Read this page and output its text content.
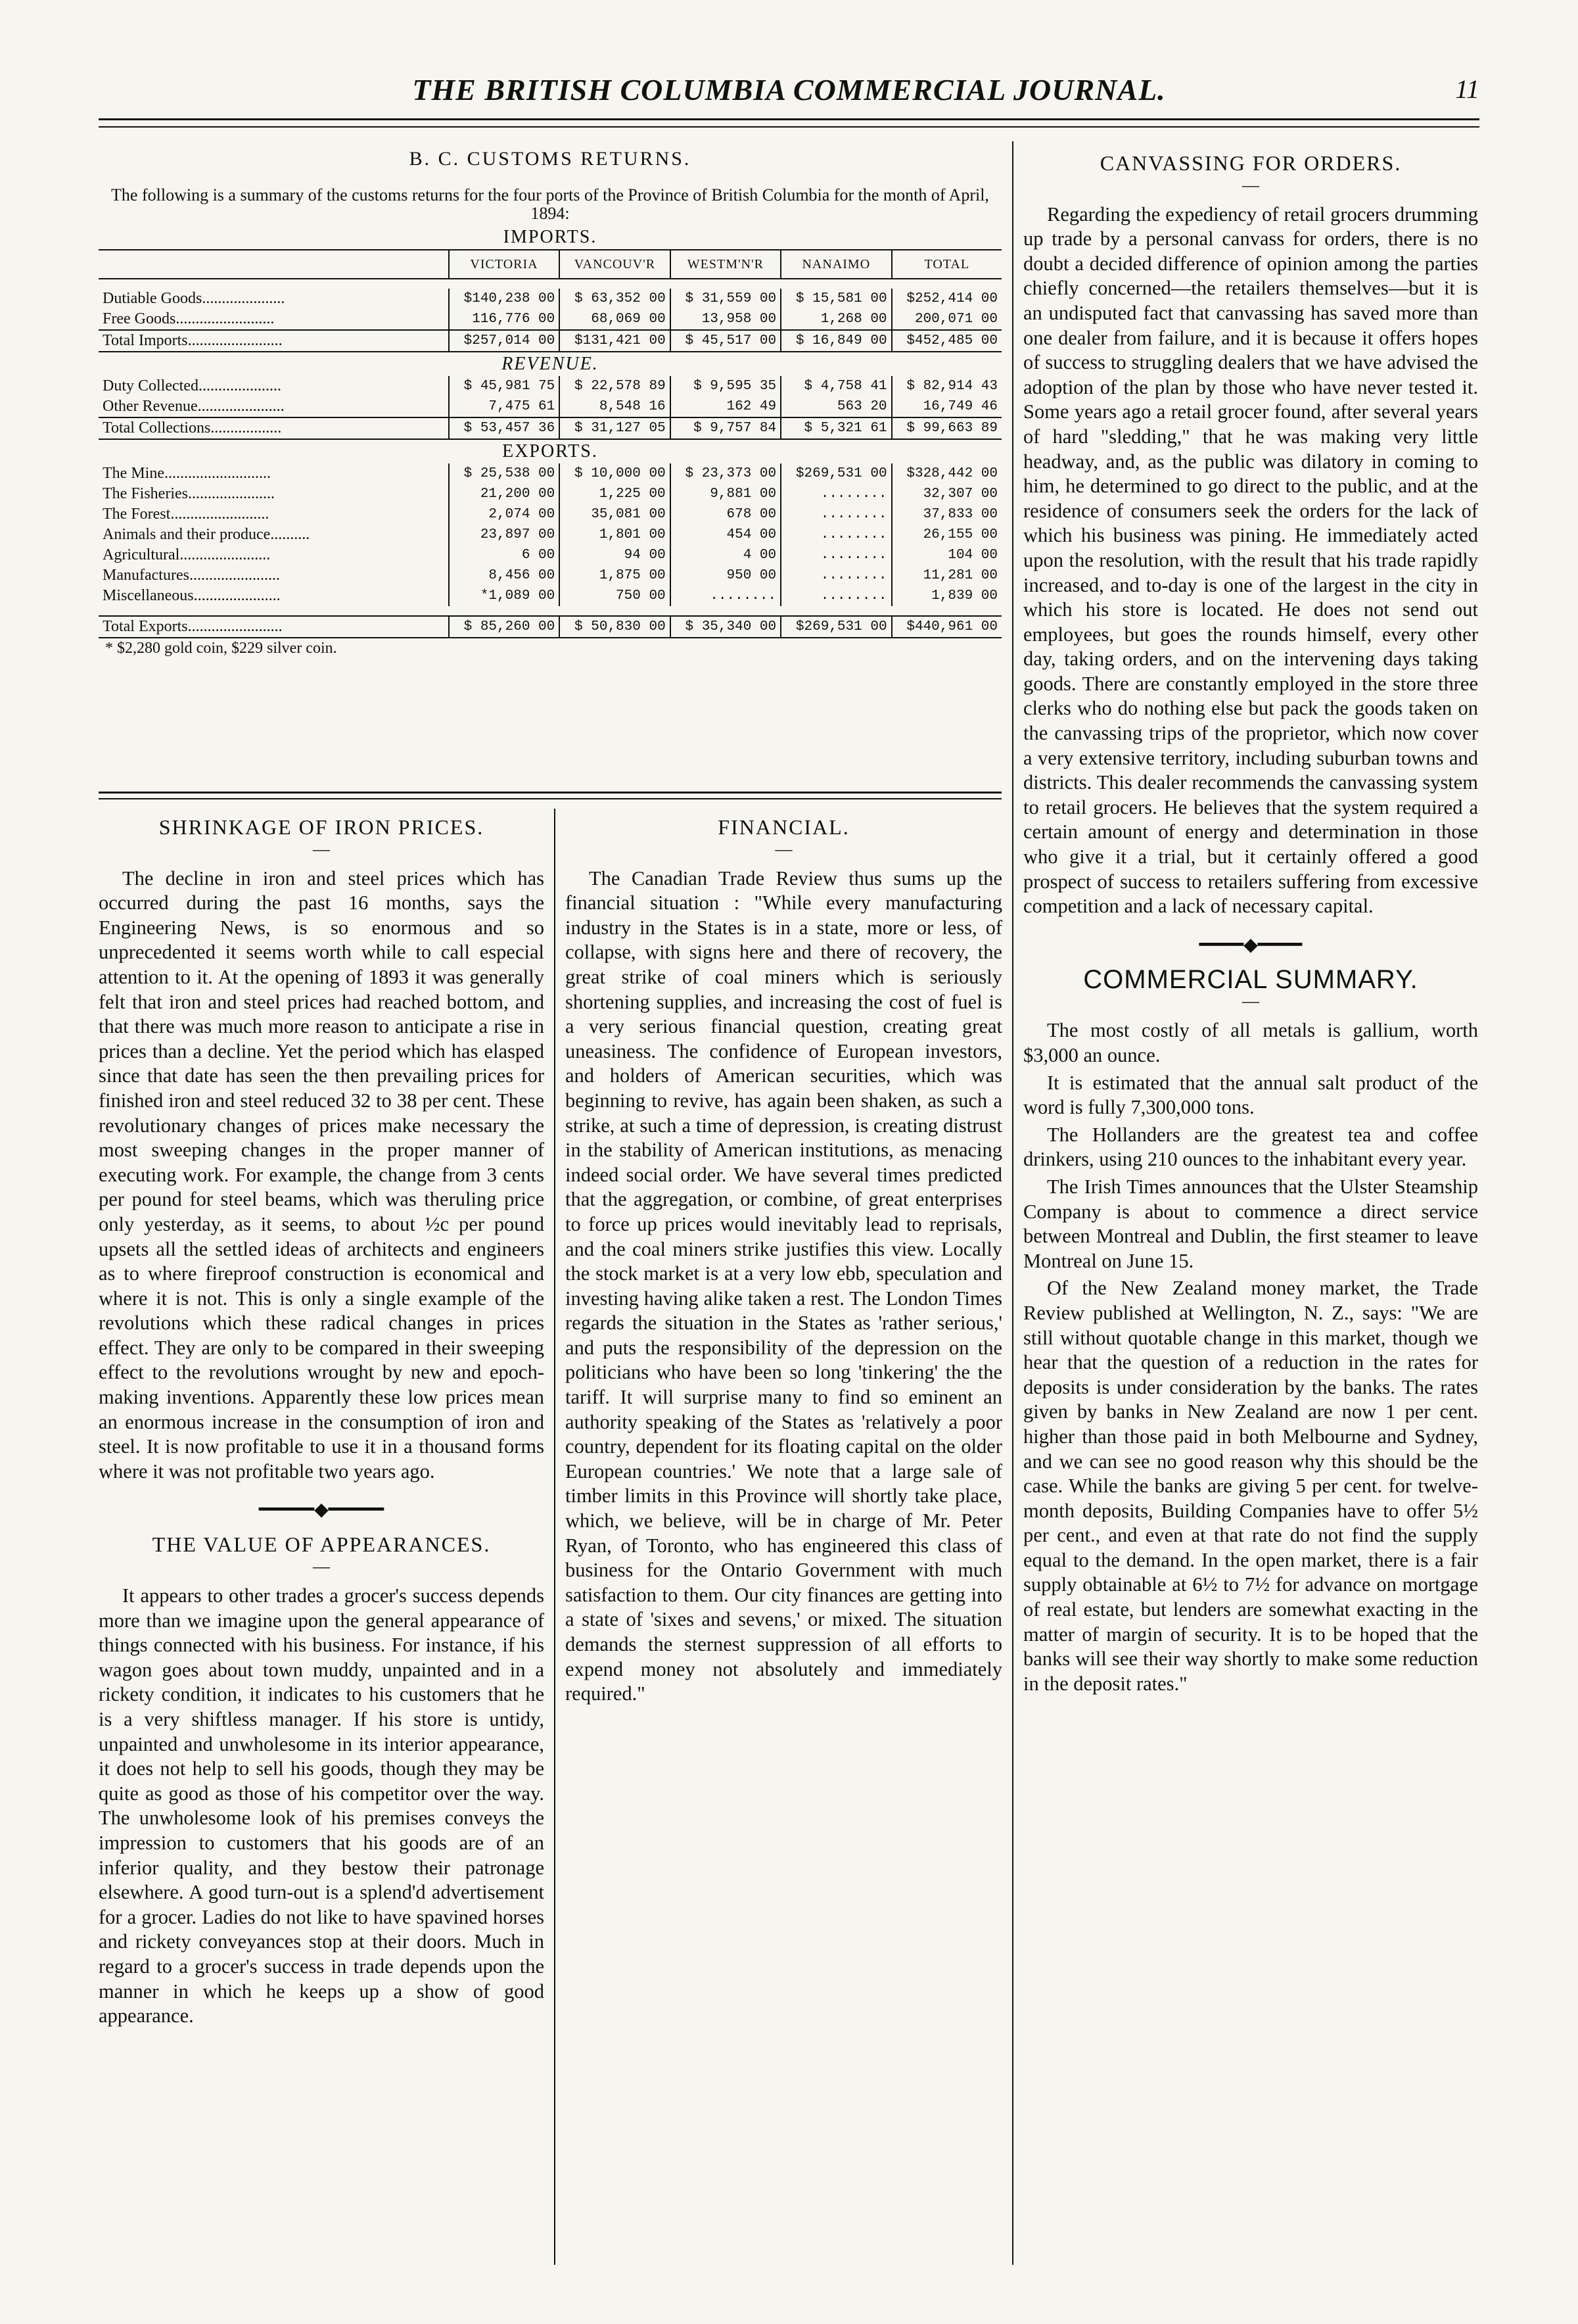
THE BRITISH COLUMBIA COMMERCIAL JOURNAL.	11
B. C. CUSTOMS RETURNS.
The following is a summary of the customs returns for the four ports of the Province of British Columbia for the month of April, 1894:
IMPORTS.
	VICTORIA	VANCOUV'R	WESTM'N'R	NANAIMO	TOTAL

Dutiable Goods.....................	$140,238 00	$ 63,352 00	$ 31,559 00	$ 15,581 00	$252,414 00
Free Goods.........................	116,776 00	68,069 00	13,958 00	1,268 00	200,071 00
Total Imports........................	$257,014 00	$131,421 00	$ 45,517 00	$ 16,849 00	$452,485 00

REVENUE.					

Duty Collected.....................	$ 45,981 75	$ 22,578 89	$ 9,595 35	$ 4,758 41	$ 82,914 43
Other Revenue......................	7,475 61	8,548 16	162 49	563 20	16,749 46
Total Collections..................	$ 53,457 36	$ 31,127 05	$ 9,757 84	$ 5,321 61	$ 99,663 89

EXPORTS.					

The Mine...........................	$ 25,538 00	$ 10,000 00	$ 23,373 00	$269,531 00	$328,442 00
The Fisheries......................	21,200 00	1,225 00	9,881 00	........	32,307 00
The Forest.........................	2,074 00	35,081 00	678 00	........	37,833 00
Animals and their produce..........	23,897 00	1,801 00	454 00	........	26,155 00
Agricultural.......................	6 00	94 00	4 00	........	104 00
Manufactures.......................	8,456 00	1,875 00	950 00	........	11,281 00
Miscellaneous......................	*1,089 00	750 00	........	........	1,839 00

Total Exports........................	$ 85,260 00	$ 50,830 00	$ 35,340 00	$269,531 00	$440,961 00
* $2,280 gold coin, $229 silver coin.
SHRINKAGE OF IRON PRICES.
—

The decline in iron and steel prices which has occurred during the past 16 months, says the Engineering News, is so enormous and so unprecedented it seems worth while to call especial attention to it. At the opening of 1893 it was generally felt that iron and steel prices had reached bottom, and that there was much more reason to anticipate a rise in prices than a decline. Yet the period which has elasped since that date has seen the then prevailing prices for finished iron and steel reduced 32 to 38 per cent. These revolutionary changes of prices make necessary the most sweeping changes in the proper manner of executing work. For example, the change from 3 cents per pound for steel beams, which was theruling price only yesterday, as it seems, to about ½c per pound upsets all the settled ideas of architects and engineers as to where fireproof construction is economical and where it is not. This is only a single example of the revolutions which these radical changes in prices effect. They are only to be compared in their sweeping effect to the revolutions wrought by new and epoch-making inventions. Apparently these low prices mean an enormous increase in the consumption of iron and steel. It is now profitable to use it in a thousand forms where it was not profitable two years ago.

━━━━━◆━━━━━
THE VALUE OF APPEARANCES.
—

It appears to other trades a grocer's success depends more than we imagine upon the general appearance of things connected with his business. For instance, if his wagon goes about town muddy, unpainted and in a rickety condition, it indicates to his customers that he is a very shiftless manager. If his store is untidy, unpainted and unwholesome in its interior appearance, it does not help to sell his goods, though they may be quite as good as those of his competitor over the way. The unwholesome look of his premises conveys the impression to customers that his goods are of an inferior quality, and they bestow their patronage elsewhere. A good turn-out is a splend'd advertisement for a grocer. Ladies do not like to have spavined horses and rickety conveyances stop at their doors. Much in regard to a grocer's success in trade depends upon the manner in which he keeps up a show of good appearance.

FINANCIAL.
—

The Canadian Trade Review thus sums up the financial situation : "While every manufacturing industry in the States is in a state, more or less, of collapse, with signs here and there of recovery, the great strike of coal miners which is seriously shortening supplies, and increasing the cost of fuel is a very serious financial question, creating great uneasiness. The confidence of European investors, and holders of American securities, which was beginning to revive, has again been shaken, as such a strike, at such a time of depression, is creating distrust in the stability of American institutions, as menacing indeed social order. We have several times predicted that the aggregation, or combine, of great enterprises to force up prices would inevitably lead to reprisals, and the coal miners strike justifies this view. Locally the stock market is at a very low ebb, speculation and investing having alike taken a rest. The London Times regards the situation in the States as 'rather serious,' and puts the responsibility of the depression on the politicians who have been so long 'tinkering' the the tariff. It will surprise many to find so eminent an authority speaking of the States as 'relatively a poor country, dependent for its floating capital on the older European countries.' We note that a large sale of timber limits in this Province will shortly take place, which, we believe, will be in charge of Mr. Peter Ryan, of Toronto, who has engineered this class of business for the Ontario Government with much satisfaction to them. Our city finances are getting into a state of 'sixes and sevens,' or mixed. The situation demands the sternest suppression of all efforts to expend money not absolutely and immediately required."

CANVASSING FOR ORDERS.
—

Regarding the expediency of retail grocers drumming up trade by a personal canvass for orders, there is no doubt a decided difference of opinion among the parties chiefly concerned—the retailers themselves—but it is an undisputed fact that canvassing has saved more than one dealer from failure, and it is because it offers hopes of success to struggling dealers that we have advised the adoption of the plan by those who have never tested it. Some years ago a retail grocer found, after several years of hard "sledding," that he was making very little headway, and, as the public was dilatory in coming to him, he determined to go direct to the public, and at the residence of consumers seek the orders for the lack of which his business was pining. He immediately acted upon the resolution, with the result that his trade rapidly increased, and to-day is one of the largest in the city in which his store is located. He does not send out employees, but goes the rounds himself, every other day, taking orders, and on the intervening days taking goods. There are constantly employed in the store three clerks who do nothing else but pack the goods taken on the canvassing trips of the proprietor, which now cover a very extensive territory, including suburban towns and districts. This dealer recommends the canvassing system to retail grocers. He believes that the system required a certain amount of energy and determination in those who give it a trial, but it certainly offered a good prospect of success to retailers suffering from excessive competition and a lack of necessary capital.

━━━━◆━━━━
COMMERCIAL SUMMARY.
—

The most costly of all metals is gallium, worth $3,000 an ounce.

It is estimated that the annual salt product of the word is fully 7,300,000 tons.

The Hollanders are the greatest tea and coffee drinkers, using 210 ounces to the inhabitant every year.

The Irish Times announces that the Ulster Steamship Company is about to commence a direct service between Montreal and Dublin, the first steamer to leave Montreal on June 15.

Of the New Zealand money market, the Trade Review published at Wellington, N. Z., says: "We are still without quotable change in this market, though we hear that the question of a reduction in the rates for deposits is under consideration by the banks. The rates given by banks in New Zealand are now 1 per cent. higher than those paid in both Melbourne and Sydney, and we can see no good reason why this should be the case. While the banks are giving 5 per cent. for twelve-month deposits, Building Companies have to offer 5½ per cent., and even at that rate do not find the supply equal to the demand. In the open market, there is a fair supply obtainable at 6½ to 7½ for advance on mortgage of real estate, but lenders are somewhat exacting in the matter of margin of security. It is to be hoped that the banks will see their way shortly to make some reduction in the deposit rates."
